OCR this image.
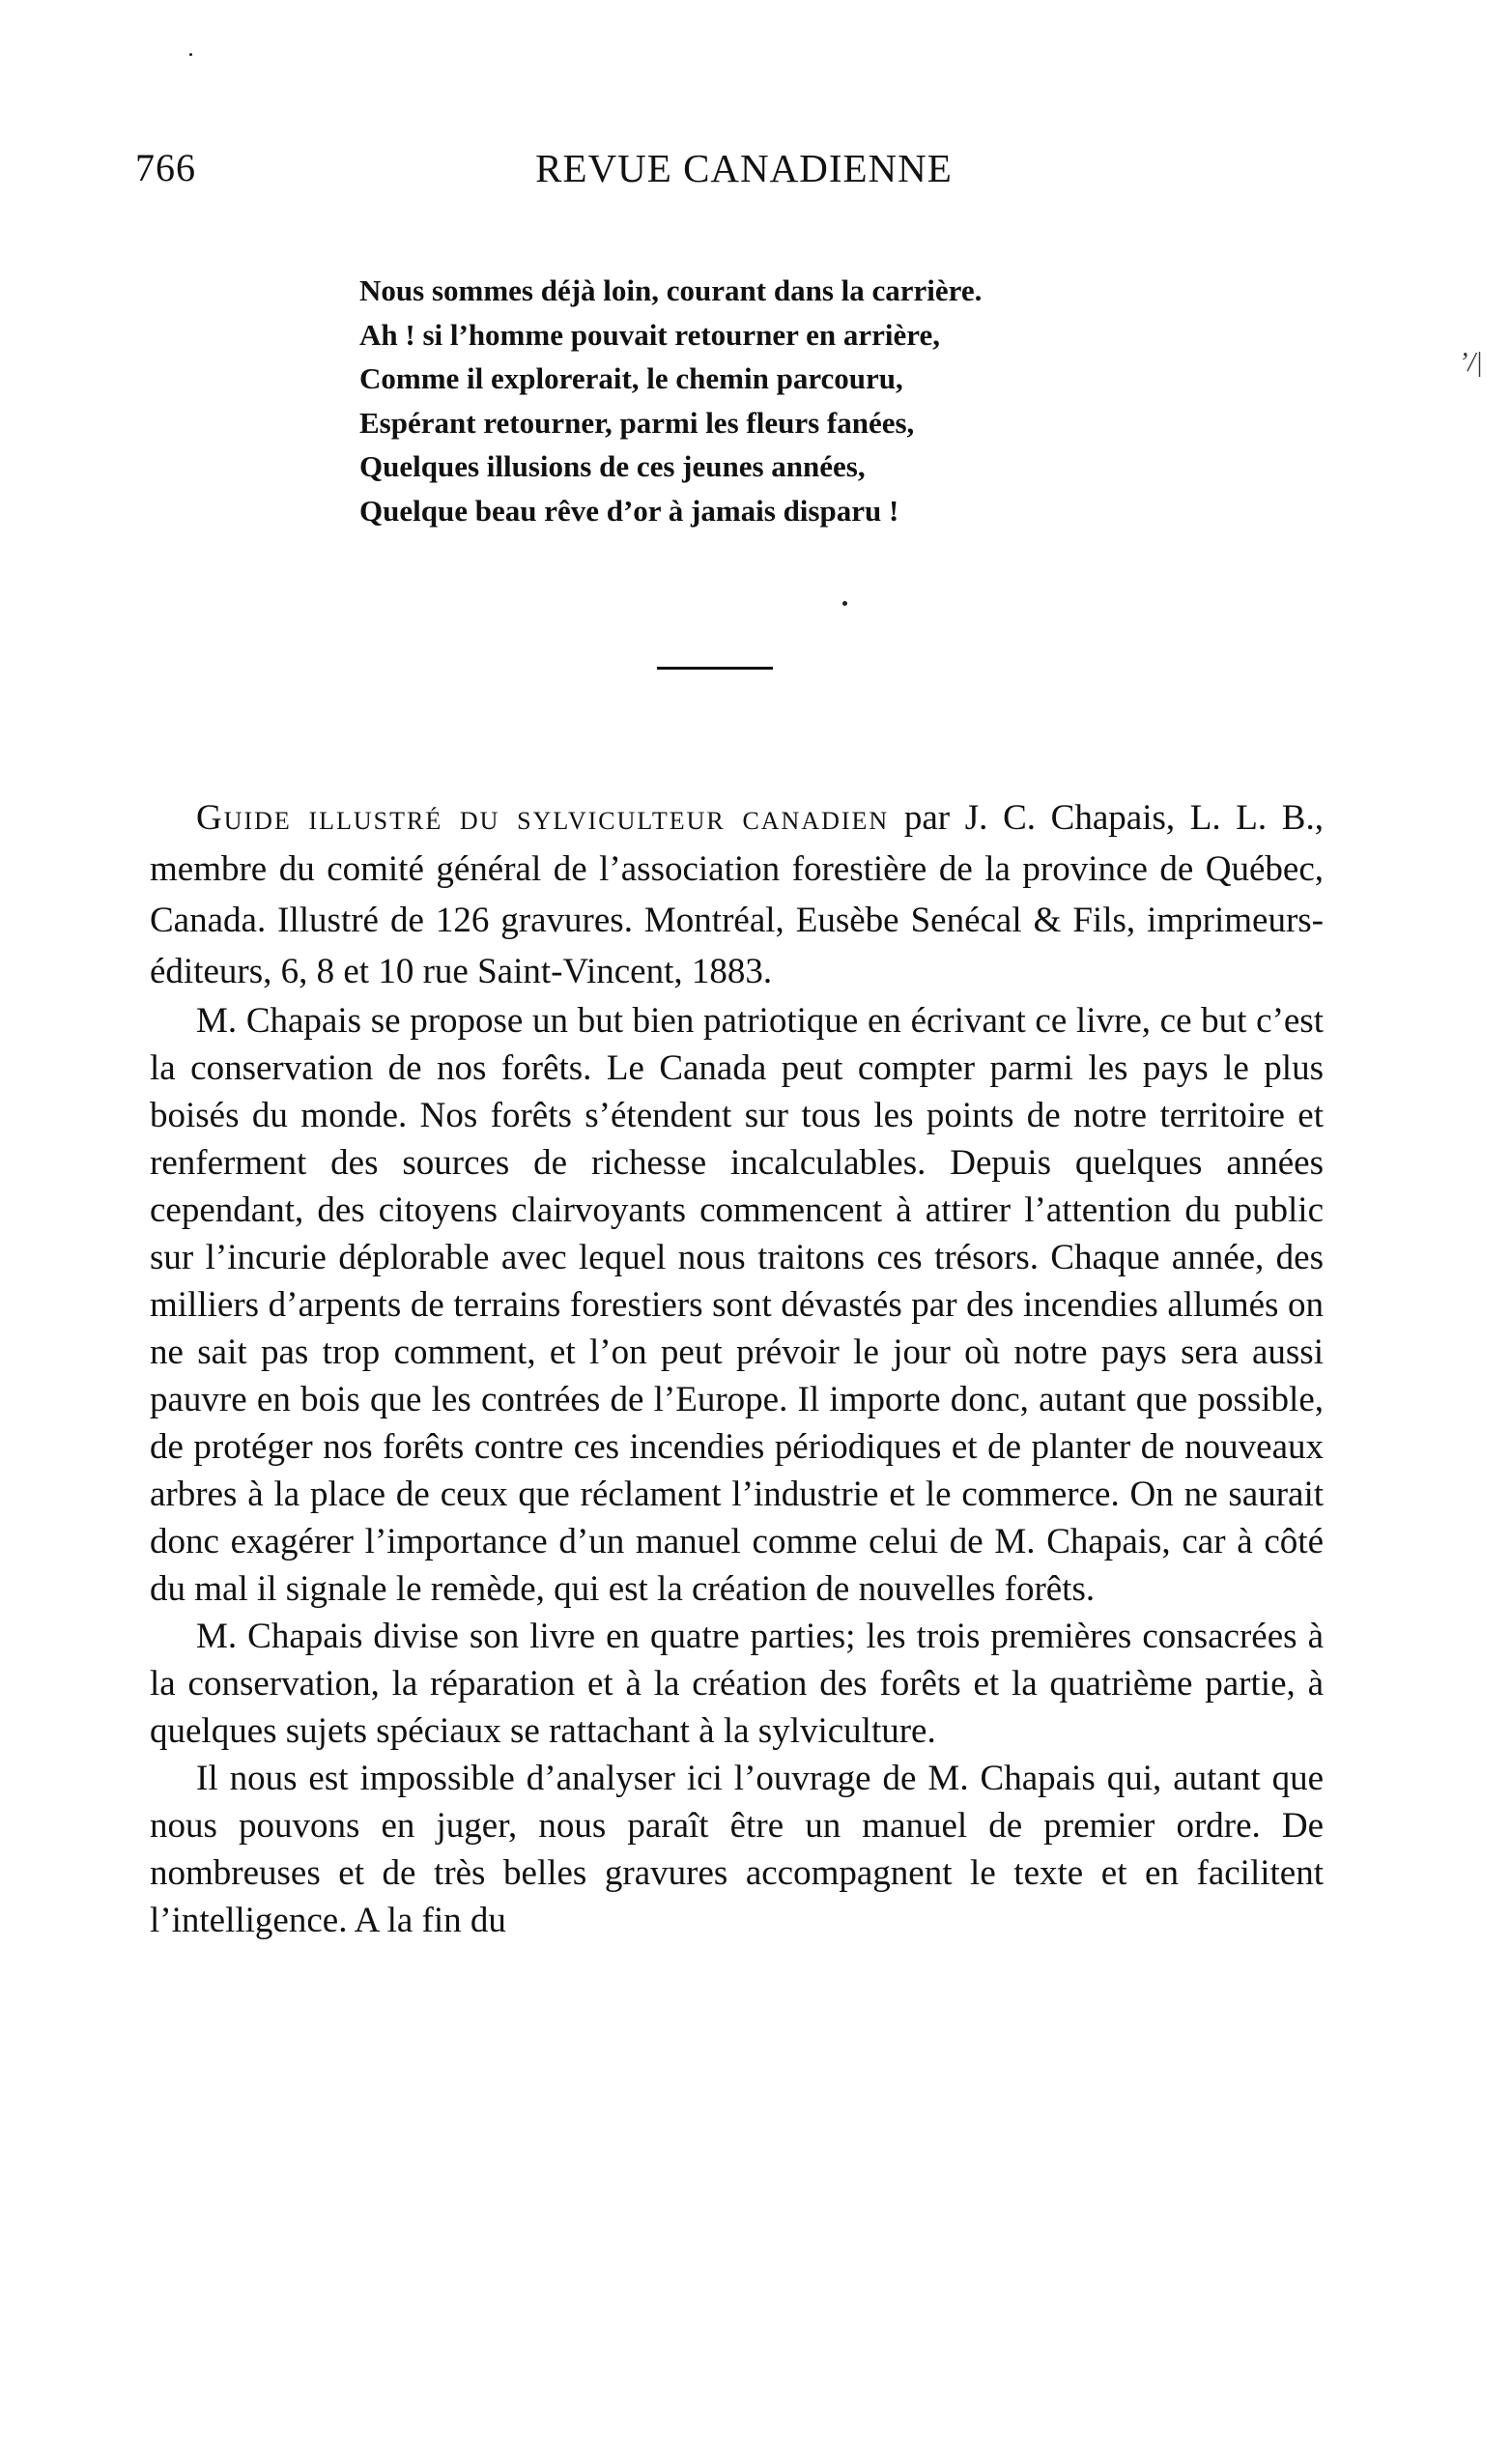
766	REVUE CANADIENNE
Nous sommes déjà loin, courant dans la carrière.
Ah ! si l’homme pouvait retourner en arrière,
Comme il explorerait, le chemin parcouru,
Espérant retourner, parmi les fleurs fanées,
Quelques illusions de ces jeunes années,
Quelque beau rêve d’or à jamais disparu !
’/|

Guide illustré du sylviculteur canadien par J. C. Chapais, L. L. B., membre du comité général de l’association forestière de la province de Québec, Canada. Illustré de 126 gravures. Montréal, Eusèbe Senécal & Fils, imprimeurs-éditeurs, 6, 8 et 10 rue Saint-Vincent, 1883.

M. Chapais se propose un but bien patriotique en écrivant ce livre, ce but c’est la conservation de nos forêts. Le Canada peut compter parmi les pays le plus boisés du monde. Nos forêts s’étendent sur tous les points de notre territoire et renferment des sources de richesse incalculables. Depuis quelques années cependant, des citoyens clairvoyants commencent à attirer l’attention du public sur l’incurie déplorable avec lequel nous traitons ces trésors. Chaque année, des milliers d’arpents de terrains forestiers sont dévastés par des incendies allumés on ne sait pas trop comment, et l’on peut prévoir le jour où notre pays sera aussi pauvre en bois que les contrées de l’Europe. Il importe donc, autant que possible, de protéger nos forêts contre ces incendies périodiques et de planter de nouveaux arbres à la place de ceux que réclament l’industrie et le commerce. On ne saurait donc exagérer l’importance d’un manuel comme celui de M. Chapais, car à côté du mal il signale le remède, qui est la création de nouvelles forêts.

M. Chapais divise son livre en quatre parties; les trois premières consacrées à la conservation, la réparation et à la création des forêts et la quatrième partie, à quelques sujets spéciaux se rattachant à la sylviculture.

Il nous est impossible d’analyser ici l’ouvrage de M. Chapais qui, autant que nous pouvons en juger, nous paraît être un manuel de premier ordre. De nombreuses et de très belles gravures accompagnent le texte et en facilitent l’intelligence. A la fin du
